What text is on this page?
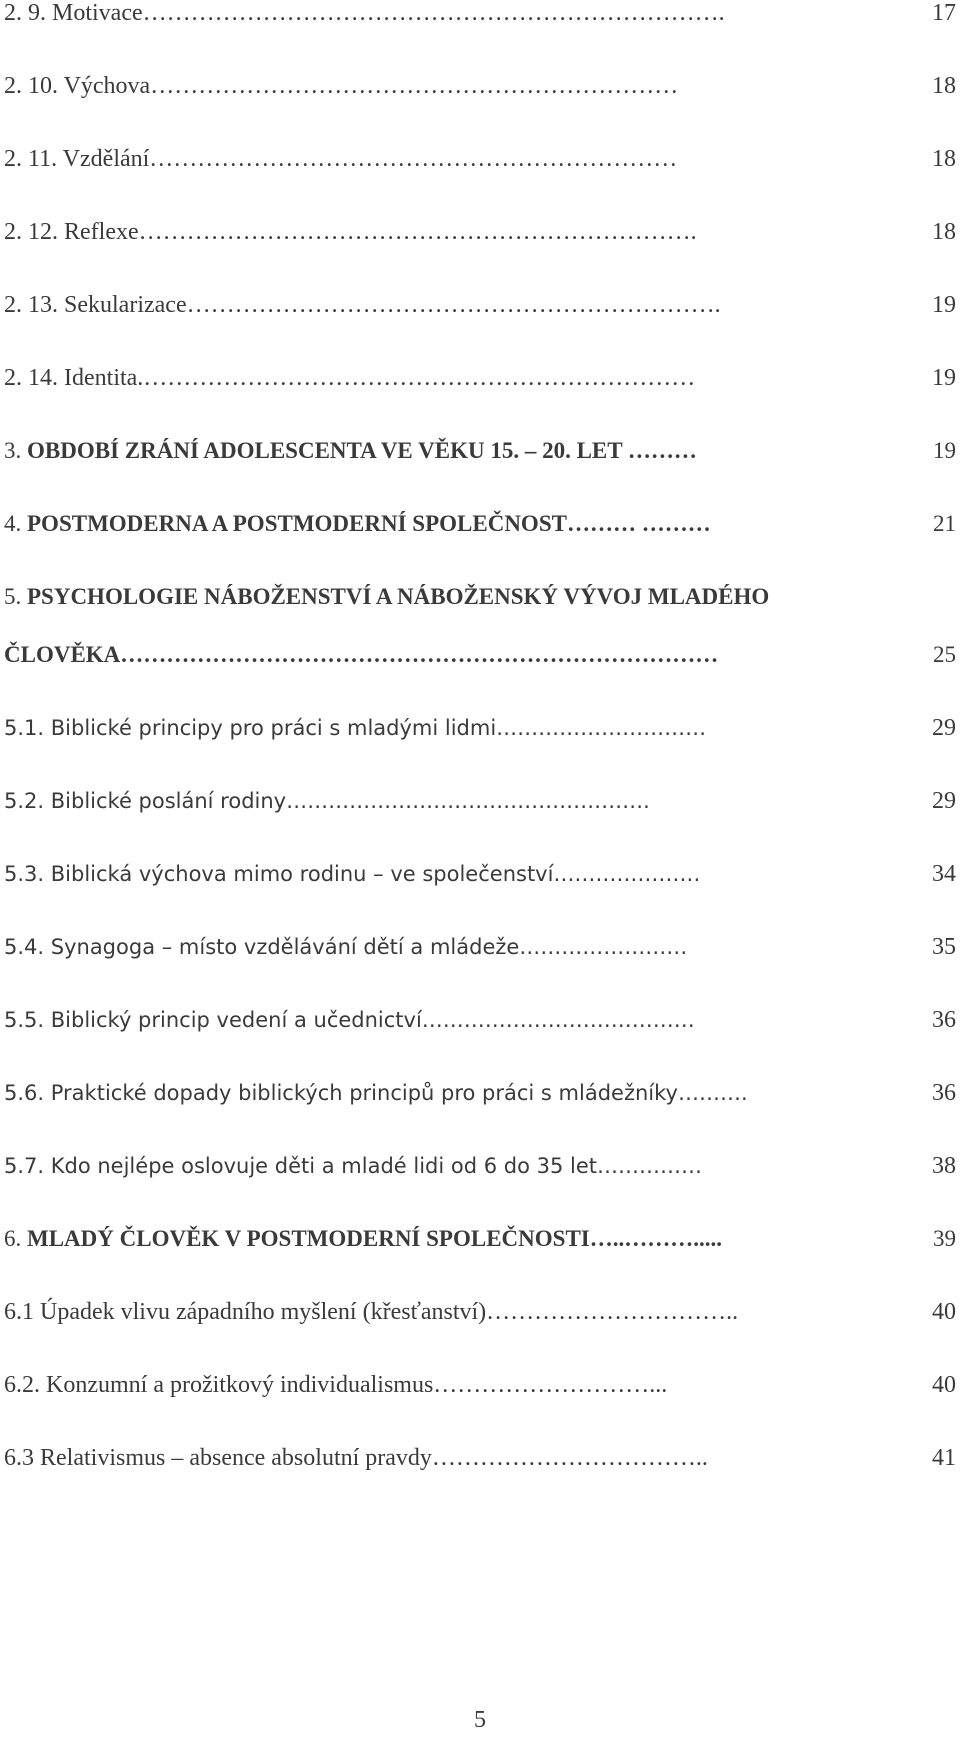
2. 9. Motivace……………………………………………………………….	17
2. 10. Výchova…………………………………………………………	18
2. 11. Vzdělání…………………………………………………………	18
2. 12. Reflexe…………………………………………………………….	18
2. 13. Sekularizace………………………………………………………….	19
2. 14. Identita.……………………………………………………………	19
3. OBDOBÍ ZRÁNÍ ADOLESCENTA VE VĚKU 15. – 20. LET ………	19
4. POSTMODERNA A POSTMODERNÍ SPOLEČNOST……… ………	21
5. PSYCHOLOGIE NÁBOŽENSTVÍ A NÁBOŽENSKÝ VÝVOJ MLADÉHO
ČLOVĚKA……………………………………………………………………	25
5.1. Biblické principy pro práci s mladými lidmi…………………………	29
5.2. Biblické poslání rodiny…………………………………………….	29
5.3. Biblická výchova mimo rodinu – ve společenství…………………	34
5.4. Synagoga – místo vzdělávání dětí a mládeže……………………	35
5.5. Biblický princip vedení a učednictví…………………………………	36
5.6. Praktické dopady biblických principů pro práci s mládežníky……….	36
5.7. Kdo nejlépe oslovuje děti a mladé lidi od 6 do 35 let……………	38
6. MLADÝ ČLOVĚK V POSTMODERNÍ SPOLEČNOSTI…..……….....	39
6.1 Úpadek vlivu západního myšlení (křesťanství)…………………………..	40
6.2. Konzumní a prožitkový individualismus………………………...	40
6.3 Relativismus – absence absolutní pravdy……………………………..	41
5
